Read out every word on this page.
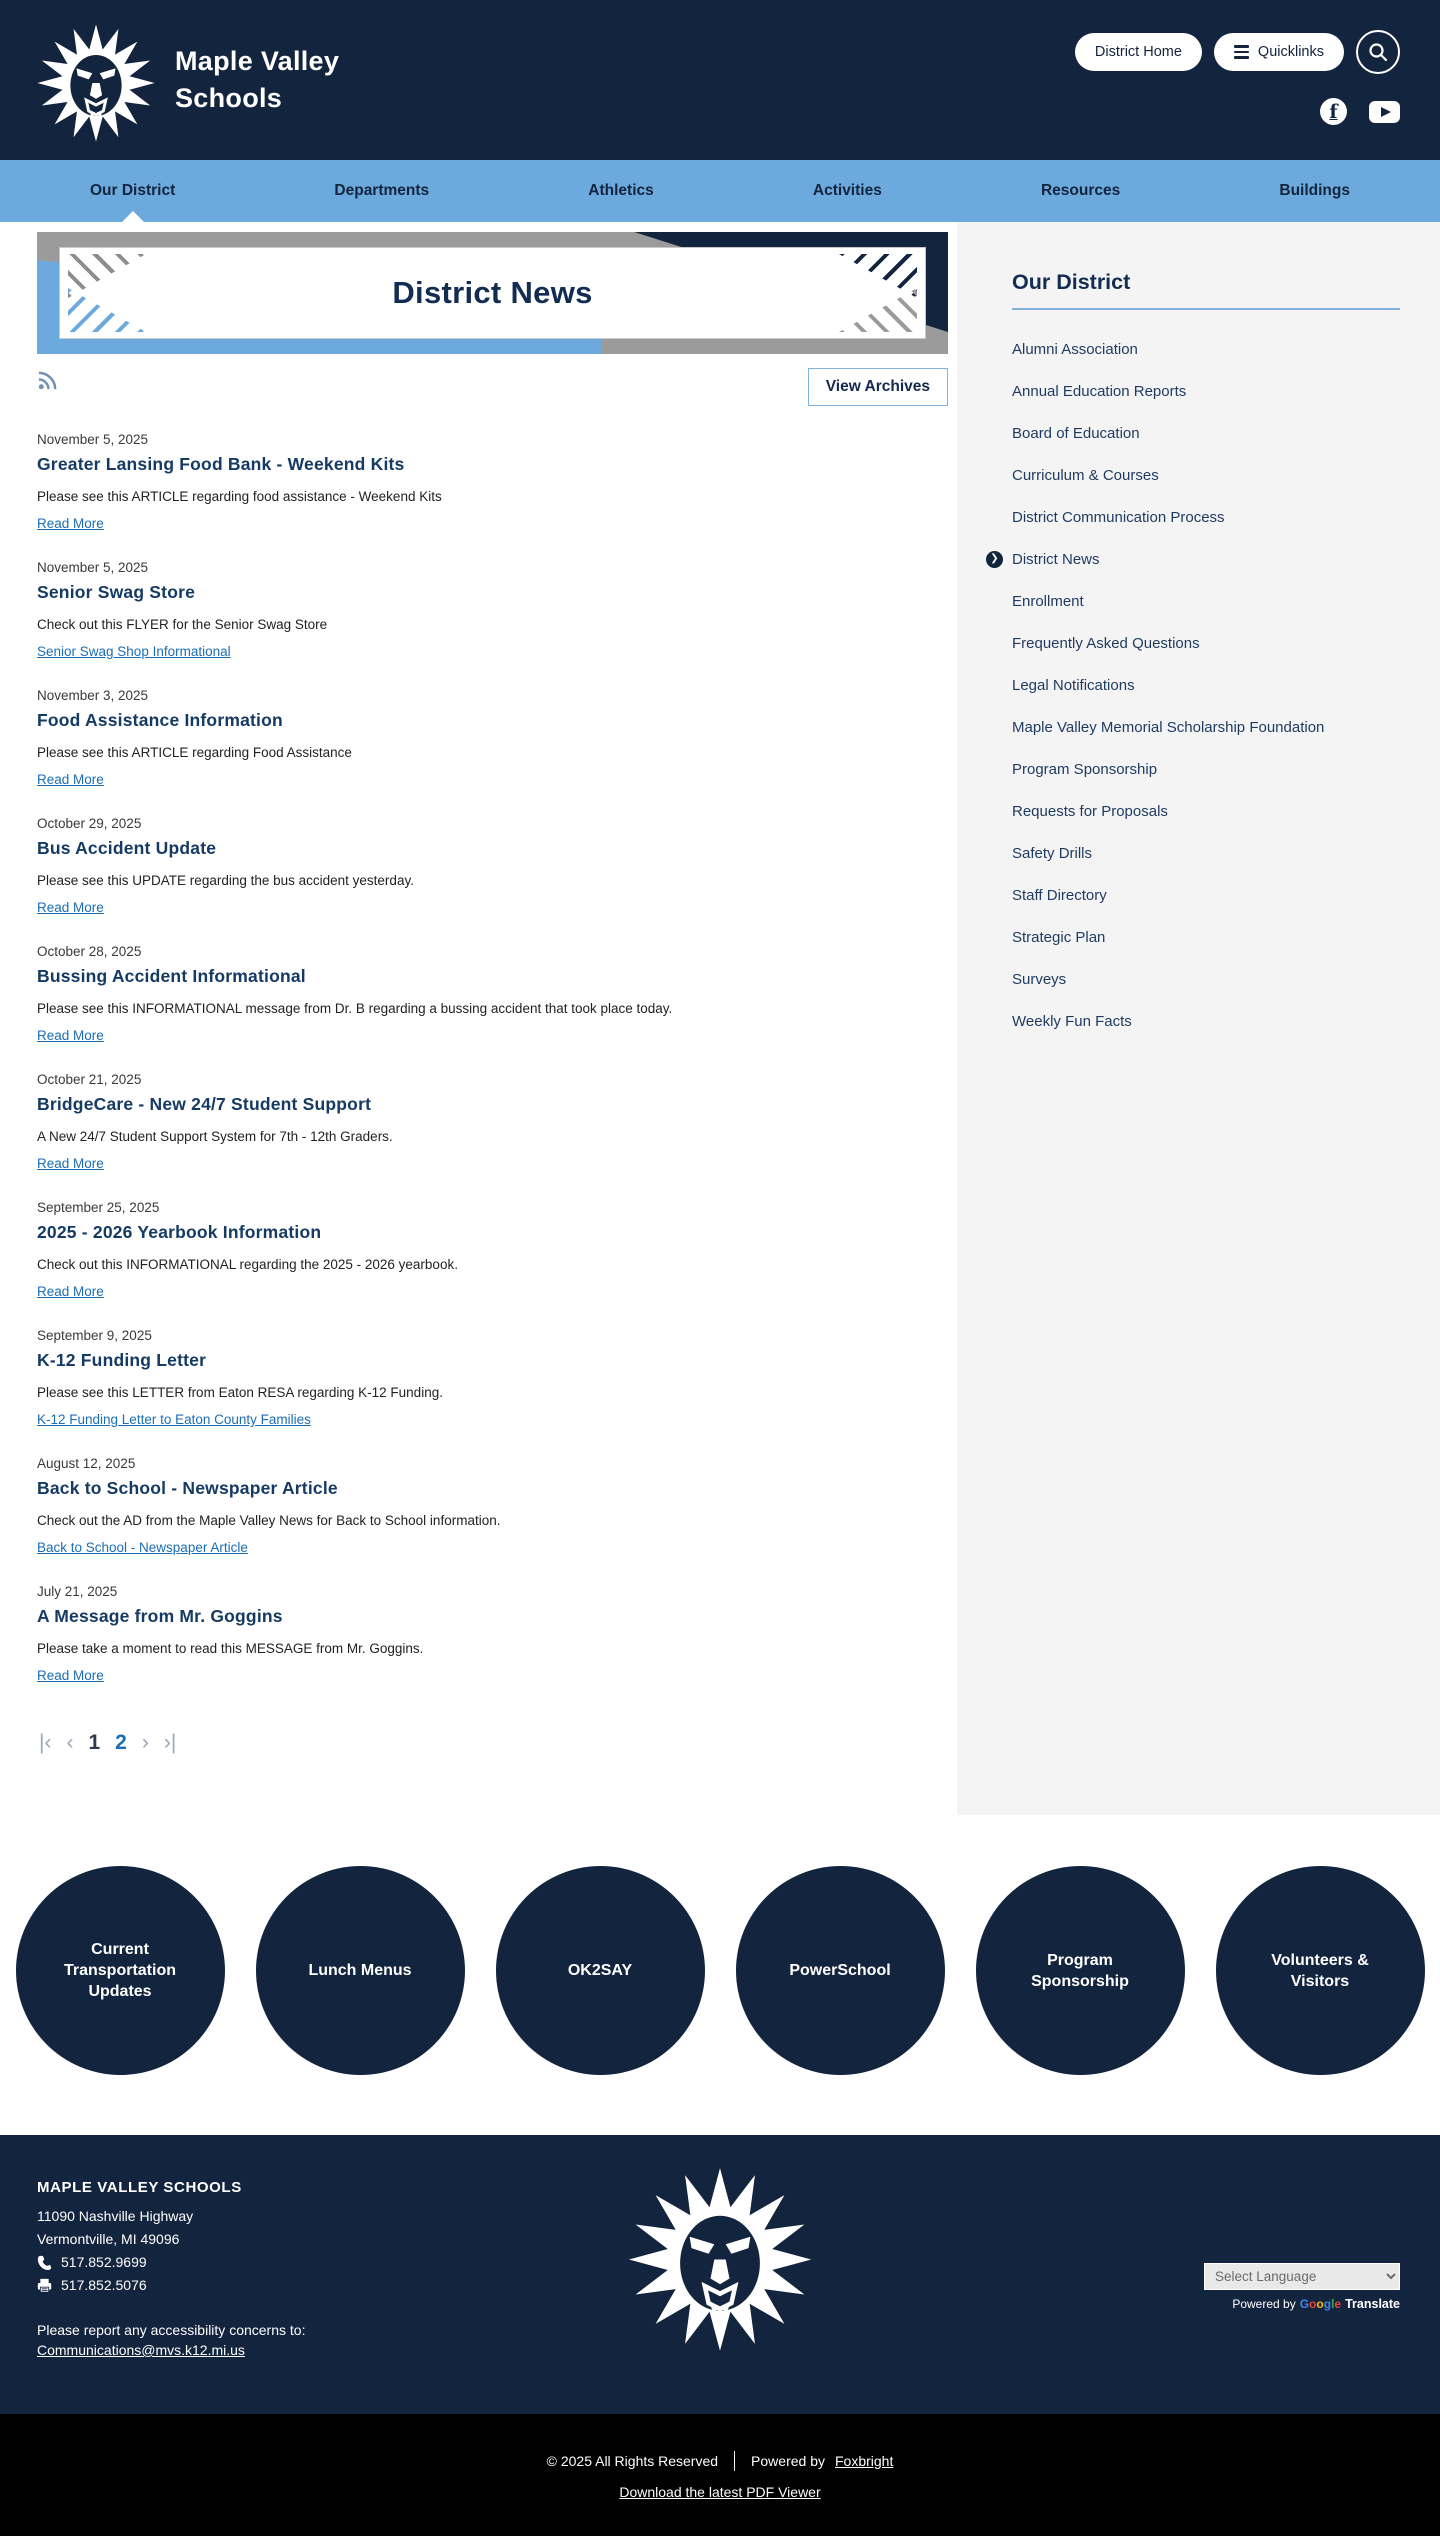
Maple Valley Schools
District Home	Quicklinks
f
Our District	Departments	Athletics	Activities	Resources	Buildings
District News
View Archives
November 5, 2025
Greater Lansing Food Bank - Weekend Kits

Please see this ARTICLE regarding food assistance - Weekend Kits

Read More
November 5, 2025
Senior Swag Store

Check out this FLYER for the Senior Swag Store

Senior Swag Shop Informational
November 3, 2025
Food Assistance Information

Please see this ARTICLE regarding Food Assistance

Read More
October 29, 2025
Bus Accident Update

Please see this UPDATE regarding the bus accident yesterday.

Read More
October 28, 2025
Bussing Accident Informational

Please see this INFORMATIONAL message from Dr. B regarding a bussing accident that took place today.

Read More
October 21, 2025
BridgeCare - New 24/7 Student Support

A New 24/7 Student Support System for 7th - 12th Graders.

Read More
September 25, 2025
2025 - 2026 Yearbook Information

Check out this INFORMATIONAL regarding the 2025 - 2026 yearbook.

Read More
September 9, 2025
K-12 Funding Letter

Please see this LETTER from Eaton RESA regarding K-12 Funding.

K-12 Funding Letter to Eaton County Families
August 12, 2025
Back to School - Newspaper Article

Check out the AD from the Maple Valley News for Back to School information.

Back to School - Newspaper Article
July 21, 2025
A Message from Mr. Goggins

Please take a moment to read this MESSAGE from Mr. Goggins.

Read More
|‹ ‹ 1 2 › ›|
Our District
Alumni Association
Annual Education Reports
Board of Education
Curriculum & Courses
District Communication Process
❯ District News
Enrollment
Frequently Asked Questions
Legal Notifications
Maple Valley Memorial Scholarship Foundation
Program Sponsorship
Requests for Proposals
Safety Drills
Staff Directory
Strategic Plan
Surveys
Weekly Fun Facts
Current Transportation Updates
Lunch Menus	OK2SAY	PowerSchool
Program Sponsorship
Volunteers & Visitors
MAPLE VALLEY SCHOOLS
11090 Nashville Highway
Vermontville, MI 49096
517.852.9699
517.852.5076
Please report any accessibility concerns to:
Communications@mvs.k12.mi.us
Select Language
Powered by Google Translate
© 2025 All Rights Reserved Powered by Foxbright
Download the latest PDF Viewer
